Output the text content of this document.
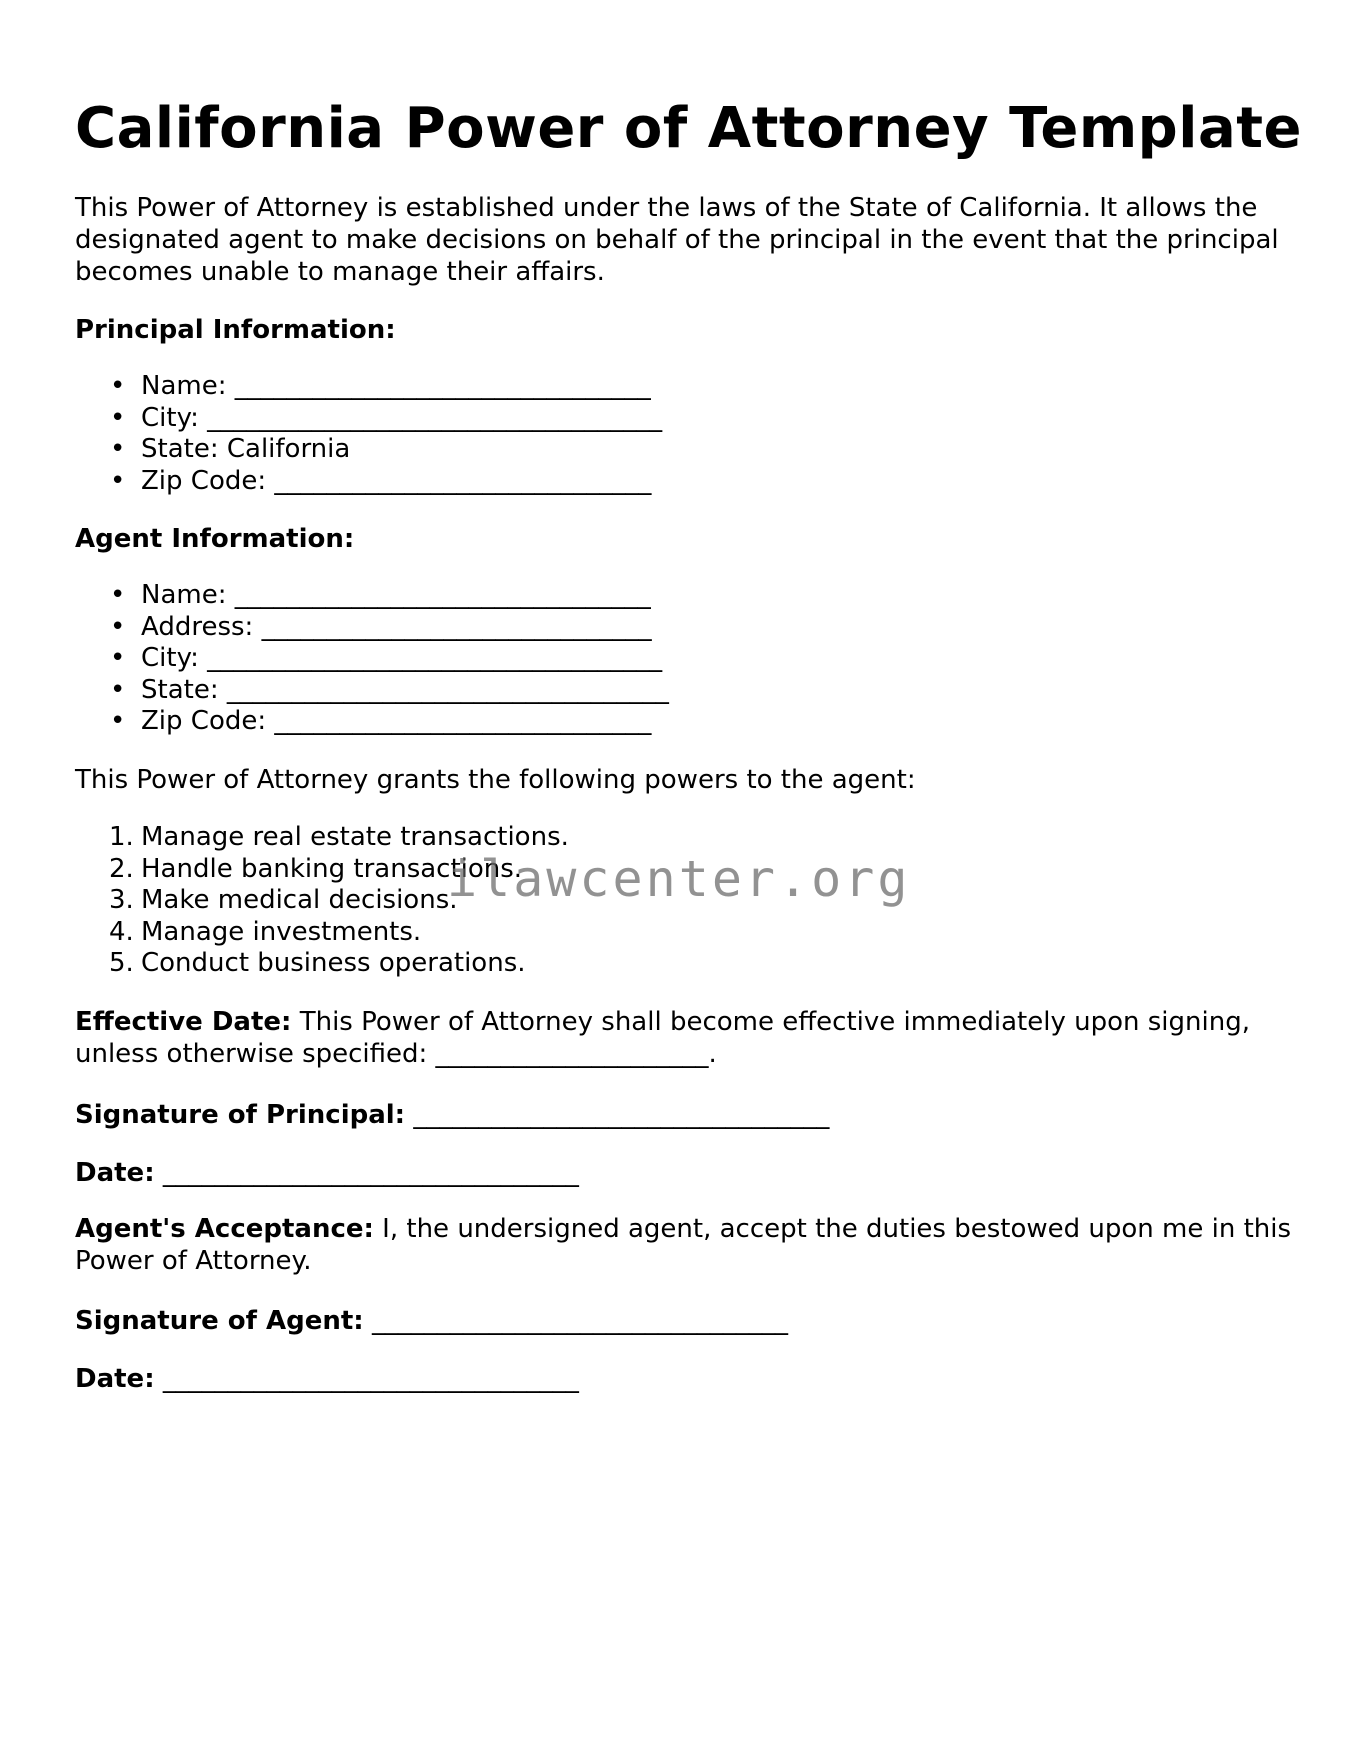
California Power of Attorney Template
This Power of Attorney is established under the laws of the State of California. It allows the designated agent to make decisions on behalf of the principal in the event that the principal becomes unable to manage their affairs.
Principal Information:
• Name: ________________________________
• City: ___________________________________
• State: California
• Zip Code: _____________________________
Agent Information:
• Name: ________________________________
• Address: ______________________________
• City: ___________________________________
• State: __________________________________
• Zip Code: _____________________________
This Power of Attorney grants the following powers to the agent:
1. Manage real estate transactions.
2. Handle banking transactions.
3. Make medical decisions.
4. Manage investments.
5. Conduct business operations.
Effective Date: This Power of Attorney shall become effective immediately upon signing, unless otherwise specified: _____________________.
Signature of Principal: ________________________________
Date: ________________________________
Agent's Acceptance: I, the undersigned agent, accept the duties bestowed upon me in this Power of Attorney.
Signature of Agent: ________________________________
Date: ________________________________
ilawcenter.org
